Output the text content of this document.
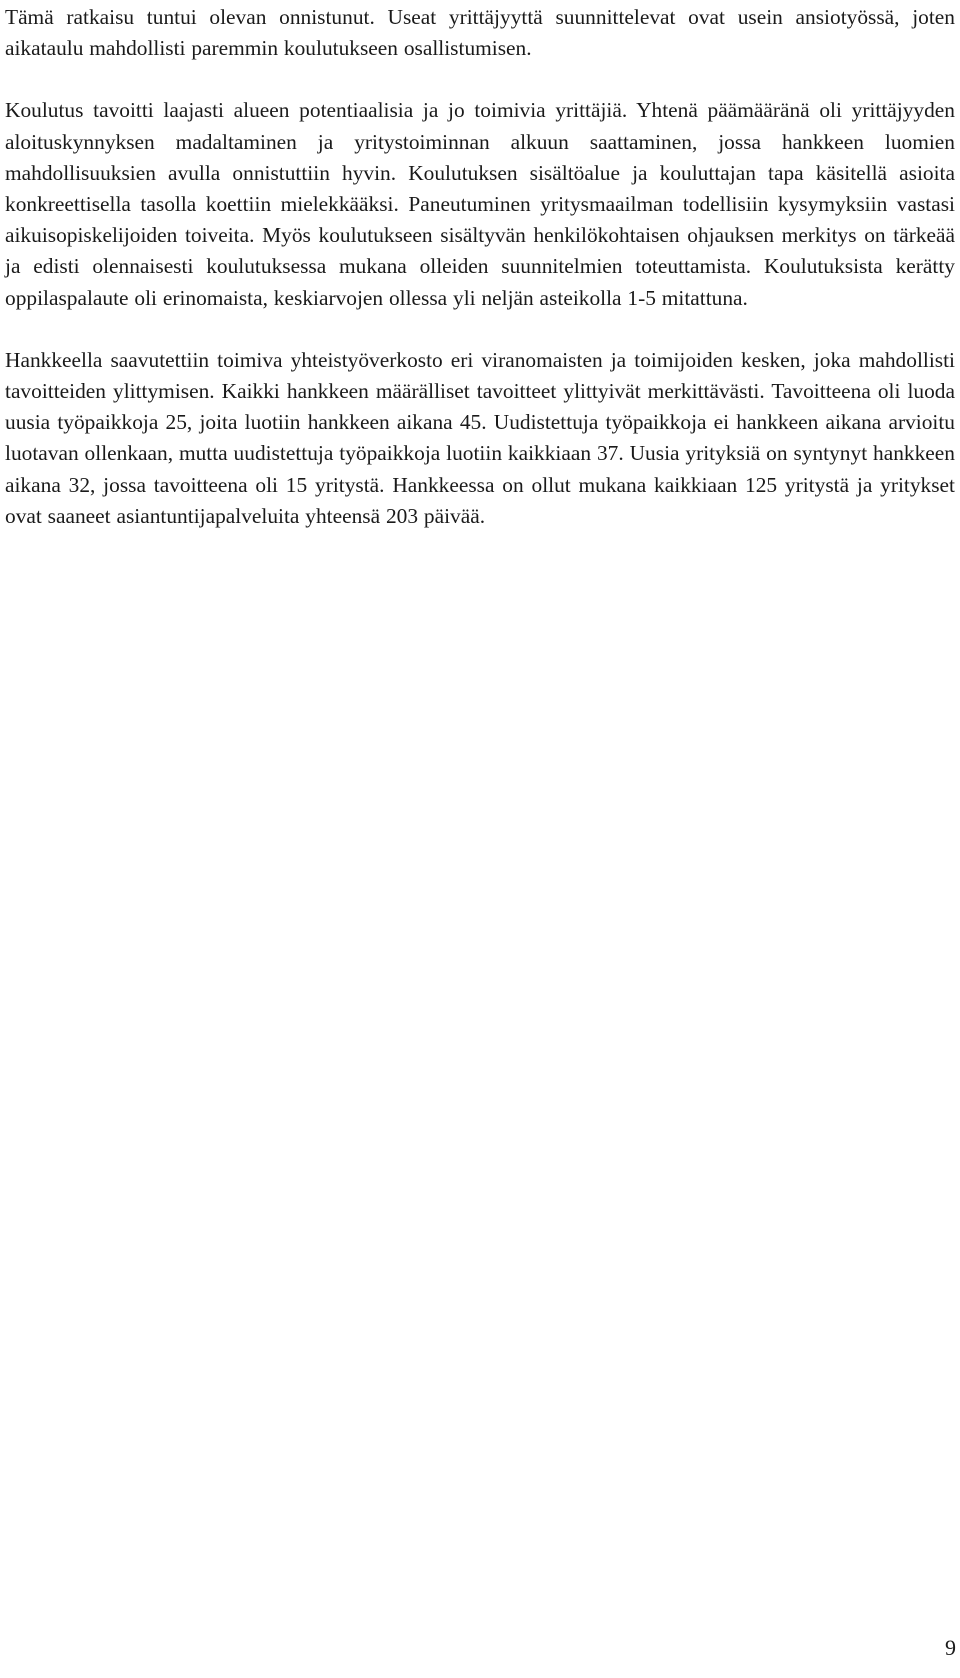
Tämä ratkaisu tuntui olevan onnistunut. Useat yrittäjyyttä suunnittelevat ovat usein ansiotyössä, joten aikataulu mahdollisti paremmin koulutukseen osallistumisen.

Koulutus tavoitti laajasti alueen potentiaalisia ja jo toimivia yrittäjiä. Yhtenä päämääränä oli yrittäjyyden aloituskynnyksen madaltaminen ja yritystoiminnan alkuun saattaminen, jossa hankkeen luomien mahdollisuuksien avulla onnistuttiin hyvin. Koulutuksen sisältöalue ja kouluttajan tapa käsitellä asioita konkreettisella tasolla koettiin mielekkääksi. Paneutuminen yritysmaailman todellisiin kysymyksiin vastasi aikuisopiskelijoiden toiveita. Myös koulutukseen sisältyvän henkilökohtaisen ohjauksen merkitys on tärkeää ja edisti olennaisesti koulutuksessa mukana olleiden suunnitelmien toteuttamista. Koulutuksista kerätty oppilaspalaute oli erinomaista, keskiarvojen ollessa yli neljän asteikolla 1-5 mitattuna.

Hankkeella saavutettiin toimiva yhteistyöverkosto eri viranomaisten ja toimijoiden kesken, joka mahdollisti tavoitteiden ylittymisen. Kaikki hankkeen määrälliset tavoitteet ylittyivät merkittävästi. Tavoitteena oli luoda uusia työpaikkoja 25, joita luotiin hankkeen aikana 45. Uudistettuja työpaikkoja ei hankkeen aikana arvioitu luotavan ollenkaan, mutta uudistettuja työpaikkoja luotiin kaikkiaan 37. Uusia yrityksiä on syntynyt hankkeen aikana 32, jossa tavoitteena oli 15 yritystä. Hankkeessa on ollut mukana kaikkiaan 125 yritystä ja yritykset ovat saaneet asiantuntijapalveluita yhteensä 203 päivää.

9
